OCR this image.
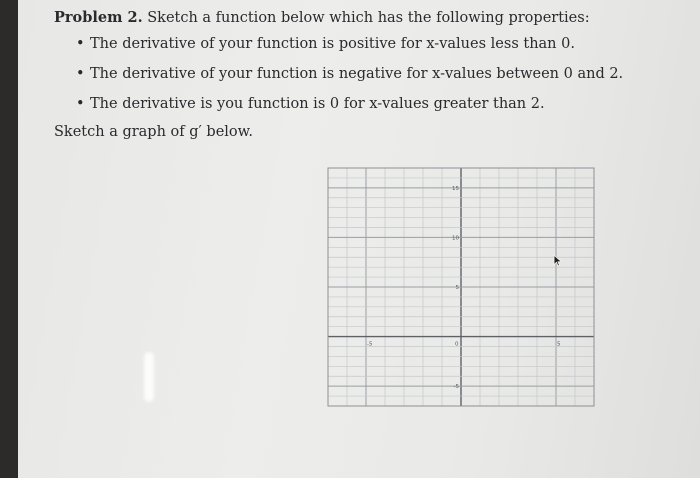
Problem 2. Sketch a function below which has the following properties:

• The derivative of your function is positive for x-values less than 0.
• The derivative of your function is negative for x-values between 0 and 2.
• The derivative is you function is 0 for x-values greater than 2.

Sketch a graph of g′ below.

-5	0	5
15
10
5
-5
